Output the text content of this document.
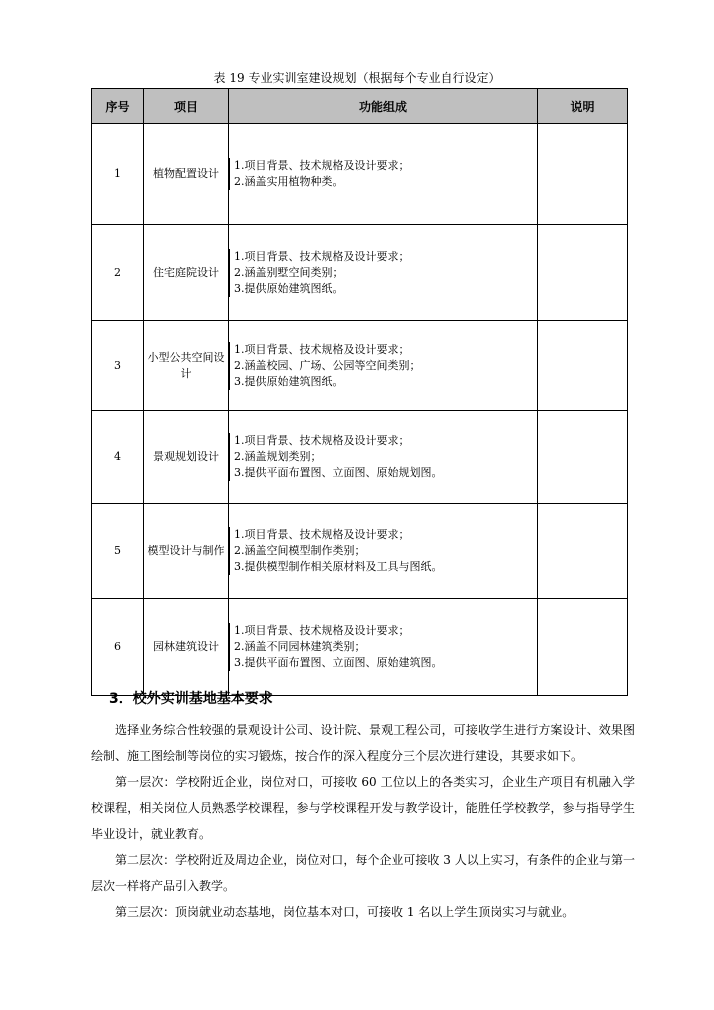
表 19 专业实训室建设规划（根据每个专业自行设定）
序号	项目	功能组成	说明
1	植物配置设计	1.项目背景、技术规格及设计要求；
2.涵盖实用植物种类。	

2	住宅庭院设计	1.项目背景、技术规格及设计要求；
2.涵盖别墅空间类别；
3.提供原始建筑图纸。	

3	小型公共空间设计	1.项目背景、技术规格及设计要求；
2.涵盖校园、广场、公园等空间类别；
3.提供原始建筑图纸。	

4	景观规划设计	1.项目背景、技术规格及设计要求；
2.涵盖规划类别；
3.提供平面布置图、立面图、原始规划图。	

5	模型设计与制作	1.项目背景、技术规格及设计要求；
2.涵盖空间模型制作类别；
3.提供模型制作相关原材料及工具与图纸。	

6	园林建筑设计	1.项目背景、技术规格及设计要求；
2.涵盖不同园林建筑类别；
3.提供平面布置图、立面图、原始建筑图。	

3．校外实训基地基本要求

选择业务综合性较强的景观设计公司、设计院、景观工程公司，可接收学生进行方案设计、效果图绘制、施工图绘制等岗位的实习锻炼，按合作的深入程度分三个层次进行建设，其要求如下。

第一层次：学校附近企业，岗位对口，可接收 60 工位以上的各类实习，企业生产项目有机融入学校课程，相关岗位人员熟悉学校课程，参与学校课程开发与教学设计，能胜任学校教学，参与指导学生毕业设计，就业教育。

第二层次：学校附近及周边企业，岗位对口，每个企业可接收 3 人以上实习，有条件的企业与第一层次一样将产品引入教学。

第三层次：顶岗就业动态基地，岗位基本对口，可接收 1 名以上学生顶岗实习与就业。
